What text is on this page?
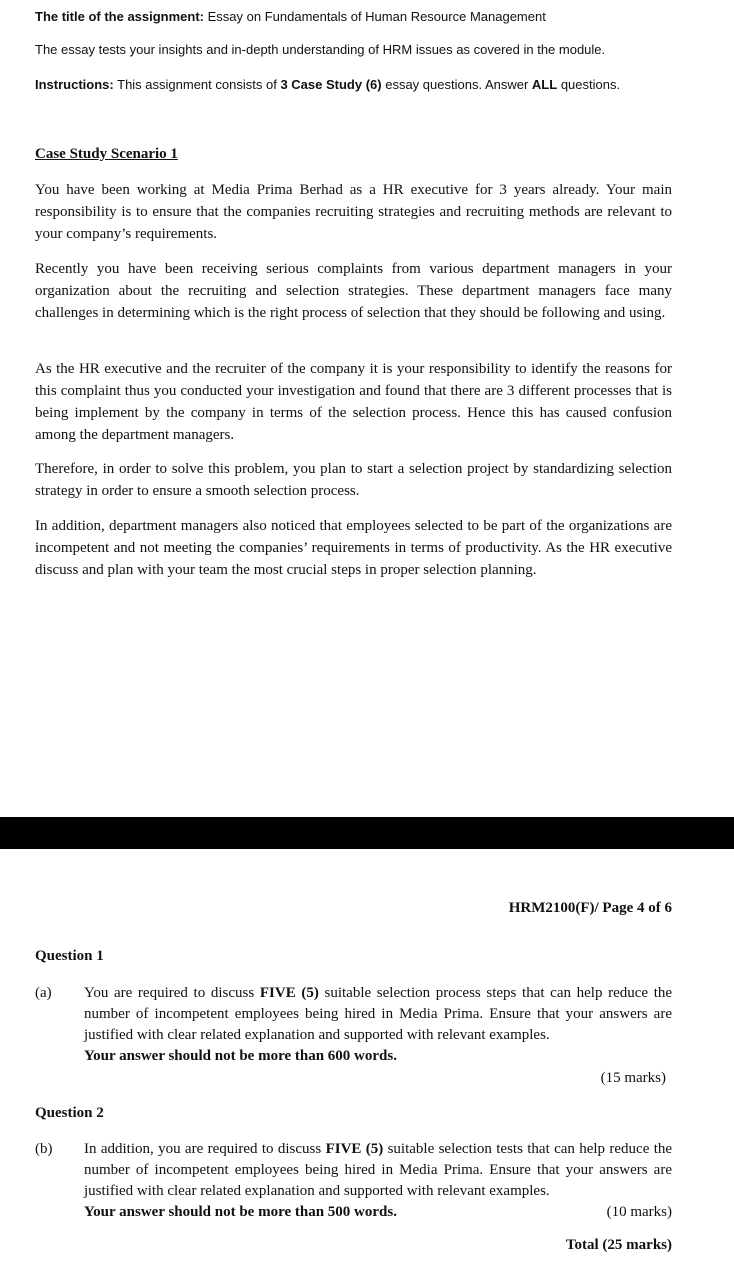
The title of the assignment: Essay on Fundamentals of Human Resource Management
The essay tests your insights and in-depth understanding of HRM issues as covered in the module.
Instructions: This assignment consists of 3 Case Study (6) essay questions. Answer ALL questions.
Case Study Scenario 1

You have been working at Media Prima Berhad as a HR executive for 3 years already. Your main responsibility is to ensure that the companies recruiting strategies and recruiting methods are relevant to your company’s requirements.

Recently you have been receiving serious complaints from various department managers in your organization about the recruiting and selection strategies. These department managers face many challenges in determining which is the right process of selection that they should be following and using.

As the HR executive and the recruiter of the company it is your responsibility to identify the reasons for this complaint thus you conducted your investigation and found that there are 3 different processes that is being implement by the company in terms of the selection process. Hence this has caused confusion among the department managers.

Therefore, in order to solve this problem, you plan to start a selection project by standardizing selection strategy in order to ensure a smooth selection process.

In addition, department managers also noticed that employees selected to be part of the organizations are incompetent and not meeting the companies’ requirements in terms of productivity. As the HR executive discuss and plan with your team the most crucial steps in proper selection planning.

HRM2100(F)/ Page 4 of 6
Question 1
(a) You are required to discuss FIVE (5) suitable selection process steps that can help reduce the number of incompetent employees being hired in Media Prima. Ensure that your answers are justified with clear related explanation and supported with relevant examples.
Your answer should not be more than 600 words.

(15 marks)
Question 2
(b) In addition, you are required to discuss FIVE (5) suitable selection tests that can help reduce the number of incompetent employees being hired in Media Prima. Ensure that your answers are justified with clear related explanation and supported with relevant examples.

Your answer should not be more than 500 words.	(10 marks)
Total (25 marks)
